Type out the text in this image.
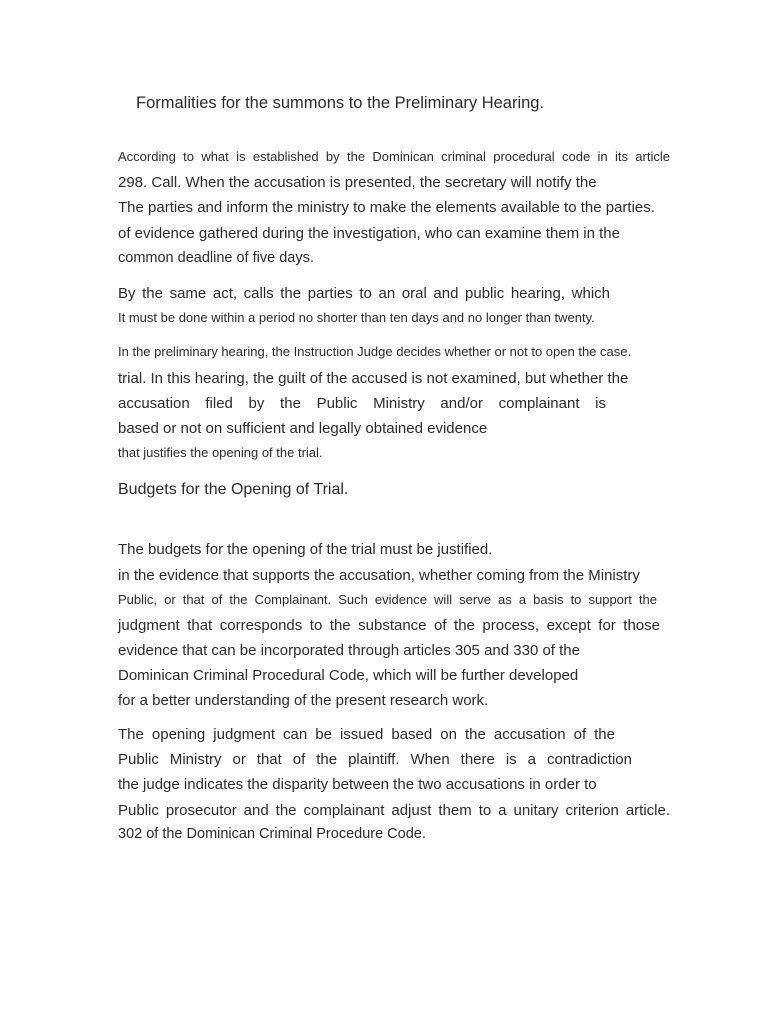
Formalities for the summons to the Preliminary Hearing.
According to what is established by the Dominican criminal procedural code in its article
298. Call. When the accusation is presented, the secretary will notify the
The parties and inform the ministry to make the elements available to the parties.
of evidence gathered during the investigation, who can examine them in the
common deadline of five days.
By the same act, calls the parties to an oral and public hearing, which
It must be done within a period no shorter than ten days and no longer than twenty.
In the preliminary hearing, the Instruction Judge decides whether or not to open the case.
trial. In this hearing, the guilt of the accused is not examined, but whether the
accusation filed by the Public Ministry and/or complainant is
based or not on sufficient and legally obtained evidence
that justifies the opening of the trial.
Budgets for the Opening of Trial.
The budgets for the opening of the trial must be justified.
in the evidence that supports the accusation, whether coming from the Ministry
Public, or that of the Complainant. Such evidence will serve as a basis to support the
judgment that corresponds to the substance of the process, except for those
evidence that can be incorporated through articles 305 and 330 of the
Dominican Criminal Procedural Code, which will be further developed
for a better understanding of the present research work.
The opening judgment can be issued based on the accusation of the
Public Ministry or that of the plaintiff. When there is a contradiction
the judge indicates the disparity between the two accusations in order to
Public prosecutor and the complainant adjust them to a unitary criterion article.
302 of the Dominican Criminal Procedure Code.
